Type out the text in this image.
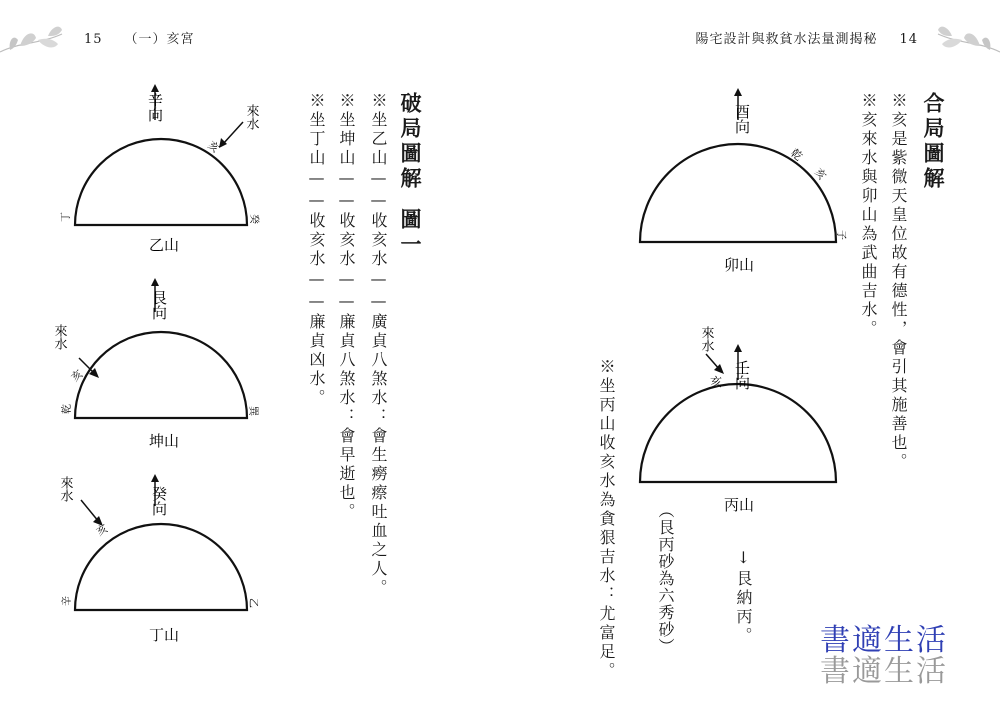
15 （一）亥宮	陽宅設計與救貧水法量測揭秘 14
辛向	來水
亥
丁	癸
乙山
艮向
來水
亥
乾	巽
坤山
癸向
來水
亥
辛	乙
丁山
破局圖解圖一
※坐乙山——收亥水——廣貞八煞水：會生癆瘵吐血之人。
※坐坤山——收亥水——廉貞八煞水：會早逝也。
※坐丁山——收亥水——廉貞凶水。	酉向
乾
亥
子
卯山
壬向
來水
亥
丙山
↓艮納丙。
（艮丙砂為六秀砂）
合局圖解
※亥是紫微天皇位故有德性，會引其施善也。
※亥來水與卯山為武曲吉水。
※坐丙山收亥水為貪狠吉水：尤富足。	書適生活
書適生活
